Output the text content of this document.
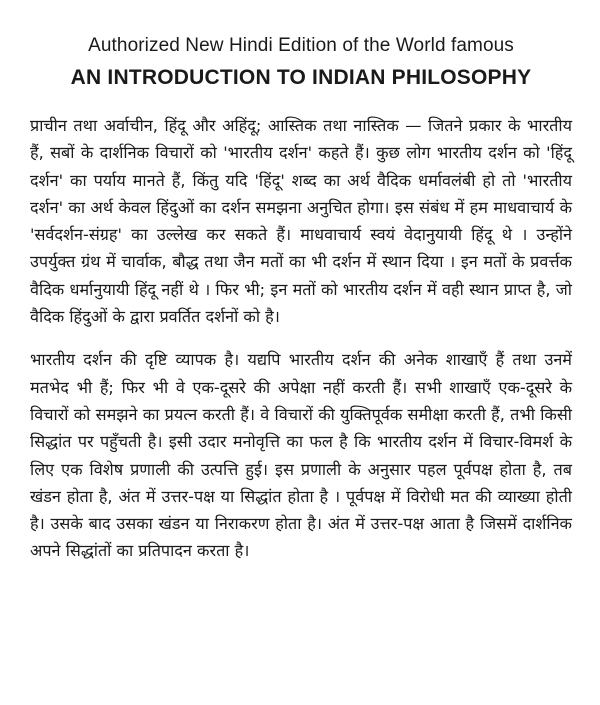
Authorized New Hindi Edition of the World famous
AN INTRODUCTION TO INDIAN PHILOSOPHY

प्राचीन तथा अर्वाचीन, हिंदू और अहिंदू; आस्तिक तथा नास्तिक — जितने प्रकार के भारतीय हैं, सबों के दार्शनिक विचारों को 'भारतीय दर्शन' कहते हैं। कुछ लोग भारतीय दर्शन को 'हिंदू दर्शन' का पर्याय मानते हैं, किंतु यदि 'हिंदू' शब्द का अर्थ वैदिक धर्मावलंबी हो तो 'भारतीय दर्शन' का अर्थ केवल हिंदुओं का दर्शन समझना अनुचित होगा। इस संबंध में हम माधवाचार्य के 'सर्वदर्शन-संग्रह' का उल्लेख कर सकते हैं। माधवाचार्य स्वयं वेदानुयायी हिंदू थे । उन्होंने उपर्युक्त ग्रंथ में चार्वाक, बौद्ध तथा जैन मतों का भी दर्शन में स्थान दिया । इन मतों के प्रवर्त्तक वैदिक धर्मानुयायी हिंदू नहीं थे । फिर भी; इन मतों को भारतीय दर्शन में वही स्थान प्राप्त है, जो वैदिक हिंदुओं के द्वारा प्रवर्तित दर्शनों को है।

भारतीय दर्शन की दृष्टि व्यापक है। यद्यपि भारतीय दर्शन की अनेक शाखाएँ हैं तथा उनमें मतभेद भी हैं; फिर भी वे एक-दूसरे की अपेक्षा नहीं करती हैं। सभी शाखाएँ एक-दूसरे के विचारों को समझने का प्रयत्न करती हैं। वे विचारों की युक्तिपूर्वक समीक्षा करती हैं, तभी किसी सिद्धांत पर पहुँचती है। इसी उदार मनोवृत्ति का फल है कि भारतीय दर्शन में विचार-विमर्श के लिए एक विशेष प्रणाली की उत्पत्ति हुई। इस प्रणाली के अनुसार पहल पूर्वपक्ष होता है, तब खंडन होता है, अंत में उत्तर-पक्ष या सिद्धांत होता है । पूर्वपक्ष में विरोधी मत की व्याख्या होती है। उसके बाद उसका खंडन या निराकरण होता है। अंत में उत्तर-पक्ष आता है जिसमें दार्शनिक अपने सिद्धांतों का प्रतिपादन करता है।
